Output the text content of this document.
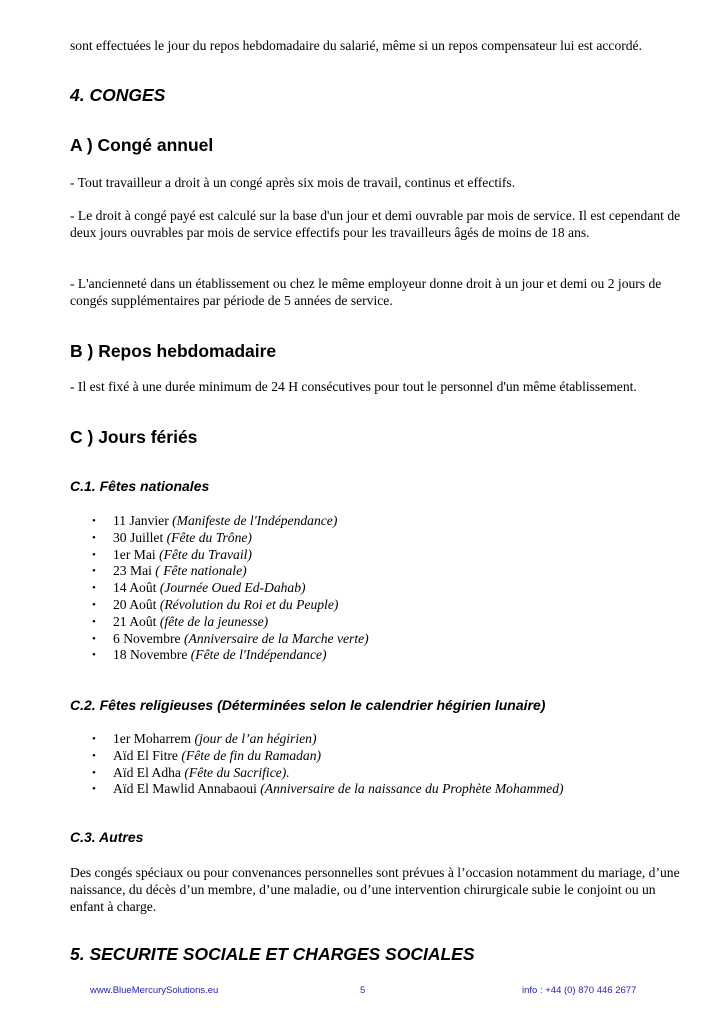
sont effectuées le jour du repos hebdomadaire du salarié, même si un repos compensateur lui est accordé.

4. CONGES
A ) Congé annuel

- Tout travailleur a droit à un congé après six mois de travail, continus et effectifs.

- Le droit à congé payé est calculé sur la base d'un jour et demi ouvrable par mois de service. Il est cependant de deux jours ouvrables par mois de service effectifs pour les travailleurs âgés de moins de 18 ans.

- L'ancienneté dans un établissement ou chez le même employeur donne droit à un jour et demi ou 2 jours de congés supplémentaires par période de 5 années de service.

B ) Repos hebdomadaire

- Il est fixé à une durée minimum de 24 H consécutives pour tout le personnel d'un même établissement.

C ) Jours fériés
C.1. Fêtes nationales
• 11 Janvier (Manifeste de l'Indépendance)
• 30 Juillet (Fête du Trône)
• 1er Mai (Fête du Travail)
• 23 Mai ( Fête nationale)
• 14 Août (Journée Oued Ed-Dahab)
• 20 Août (Révolution du Roi et du Peuple)
• 21 Août (fête de la jeunesse)
• 6 Novembre (Anniversaire de la Marche verte)
• 18 Novembre (Fête de l'Indépendance)
C.2. Fêtes religieuses (Déterminées selon le calendrier hégirien lunaire)
• 1er Moharrem (jour de l’an hégirien)
• Aïd El Fitre (Fête de fin du Ramadan)
• Aïd El Adha (Fête du Sacrifice).
• Aïd El Mawlid Annabaoui (Anniversaire de la naissance du Prophète Mohammed)
C.3. Autres

Des congés spéciaux ou pour convenances personnelles sont prévues à l’occasion notamment du mariage, d’une naissance, du décès d’un membre, d’une maladie, ou d’une intervention chirurgicale subie le conjoint ou un enfant à charge.

5. SECURITE SOCIALE ET CHARGES SOCIALES
www.BlueMercurySolutions.eu	5	info : +44 (0) 870 446 2677
